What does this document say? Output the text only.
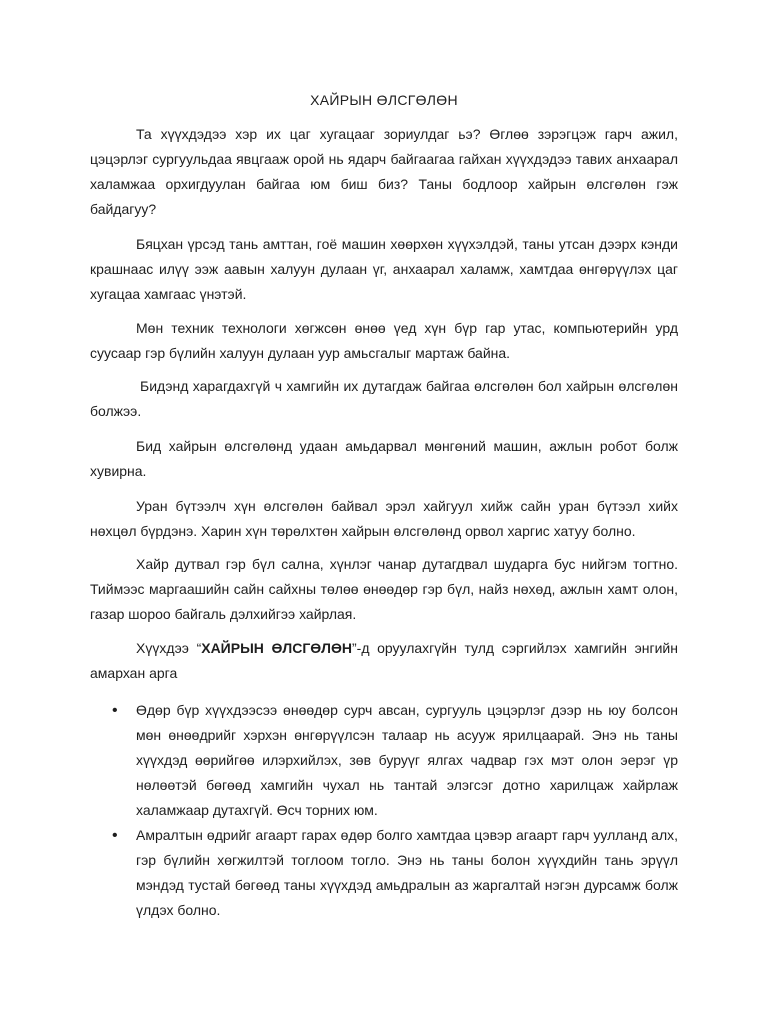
ХАЙРЫН ӨЛСГӨЛӨН

Та хүүхдэдээ хэр их цаг хугацааг зориулдаг ьэ? Өглөө зэрэгцэж гарч ажил, цэцэрлэг сургуульдаа явцгааж орой нь ядарч байгаагаа гайхан хүүхдэдээ тавих анхаарал халамжаа орхигдуулан байгаа юм биш биз? Таны бодлоор хайрын өлсгөлөн гэж байдагуу?

Бяцхан үрсэд тань амттан, гоё машин хөөрхөн хүүхэлдэй, таны утсан дээрх кэнди крашнаас илүү ээж аавын халуун дулаан үг, анхаарал халамж, хамтдаа өнгөрүүлэх цаг хугацаа хамгаас үнэтэй.

Мөн техник технологи хөгжсөн өнөө үед хүн бүр гар утас, компьютерийн урд суусаар гэр бүлийн халуун дулаан уур амьсгалыг мартаж байна.

Бидэнд харагдахгүй ч хамгийн их дутагдаж байгаа өлсгөлөн бол хайрын өлсгөлөн болжээ.

Бид хайрын өлсгөлөнд удаан амьдарвал мөнгөний машин, ажлын робот болж хувирна.

Уран бүтээлч хүн өлсгөлөн байвал эрэл хайгуул хийж сайн уран бүтээл хийх нөхцөл бүрдэнэ. Харин хүн төрөлхтөн хайрын өлсгөлөнд орвол харгис хатуу болно.

Хайр дутвал гэр бүл сална, хүнлэг чанар дутагдвал шударга бус нийгэм тогтно. Тиймээс маргаашийн сайн сайхны төлөө өнөөдөр гэр бүл, найз нөхөд, ажлын хамт олон, газар шороо байгаль дэлхийгээ хайрлая.

Хүүхдээ “ХАЙРЫН ӨЛСГӨЛӨН”-д оруулахгүйн тулд сэргийлэх хамгийн энгийн амархан арга

• Өдөр бүр хүүхдээсээ өнөөдөр сурч авсан, сургууль цэцэрлэг дээр нь юу болсон мөн өнөөдрийг хэрхэн өнгөрүүлсэн талаар нь асууж ярилцаарай. Энэ нь таны хүүхдэд өөрийгөө илэрхийлэх, зөв буруүг ялгах чадвар гэх мэт олон эерэг үр нөлөөтэй бөгөөд хамгийн чухал нь тантай элэгсэг дотно харилцаж хайрлаж халамжаар дутахгүй. Өсч торних юм.
• Амралтын өдрийг агаарт гарах өдөр болго хамтдаа цэвэр агаарт гарч уулланд алх, гэр бүлийн хөгжилтэй тоглоом тогло. Энэ нь таны болон хүүхдийн тань эрүүл мэндэд тустай бөгөөд таны хүүхдэд амьдралын аз жаргалтай нэгэн дурсамж болж үлдэх болно.
